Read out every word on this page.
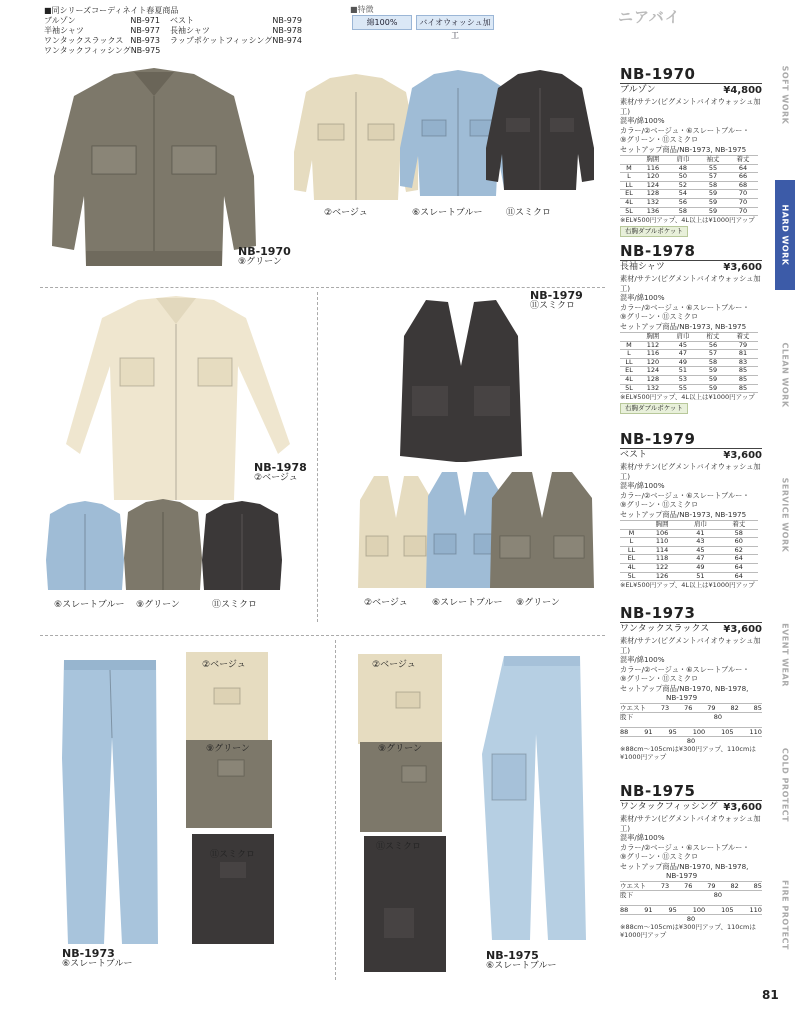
■同シリーズコーディネイト春夏商品
ブルゾン	NB-971
半袖シャツ	NB-977
ワンタックスラックス NB-973
ワンタックフィッシング NB-975
ベスト	NB-979
長袖シャツ	NB-978
ラップポケットフィッシング NB-974
■特徴
綿100%	バイオウォッシュ加工
ニアバイ
SOFT WORK
HARD WORK
CLEAN WORK
SERVICE WORK
EVENT WEAR
COLD PROTECT
FIRE PROTECT
81
NB-1970
⑨グリーン
②ベージュ	⑥スレートブルー	⑪スミクロ
NB-1978
②ベージュ
⑥スレートブルー ⑨グリーン	⑪スミクロ
NB-1979
⑪スミクロ
②ベージュ	⑥スレートブルー ⑨グリーン
②ベージュ
⑨グリーン
⑪スミクロ
②ベージュ
⑨グリーン
⑪スミクロ
NB-1973
⑥スレートブルー
NB-1975
⑥スレートブルー
NB-1970
ブルゾン	¥4,800
素材/サテン(ピグメントバイオウォッシュ加工)
混率/綿100%
カラー/②ベージュ・⑥スレートブルー・
⑨グリーン・⑪スミクロ
セットアップ商品/NB-1973, NB-1975
	胸囲	肩巾	袖丈	着丈
M	116	48	55	64
L	120	50	57	66
LL	124	52	58	68
EL	128	54	59	70
4L	132	56	59	70
5L	136	58	59	70
※EL¥500円アップ、4L以上は¥1000円アップ
右胸ダブルポケット
NB-1978
長袖シャツ	¥3,600
素材/サテン(ピグメントバイオウォッシュ加工)
混率/綿100%
カラー/②ベージュ・⑥スレートブルー・
⑨グリーン・⑪スミクロ
セットアップ商品/NB-1973, NB-1975
	胸囲	肩巾	桁丈	着丈
M	112	45	56	79
L	116	47	57	81
LL	120	49	58	83
EL	124	51	59	85
4L	128	53	59	85
5L	132	55	59	85
※EL¥500円アップ、4L以上は¥1000円アップ
右胸ダブルポケット
NB-1979
ベスト	¥3,600
素材/サテン(ピグメントバイオウォッシュ加工)
混率/綿100%
カラー/②ベージュ・⑥スレートブルー・
⑨グリーン・⑪スミクロ
セットアップ商品/NB-1973, NB-1975
	胸囲	肩巾	着丈
M	106	41	58
L	110	43	60
LL	114	45	62
EL	118	47	64
4L	122	49	64
5L	126	51	64
※EL¥500円アップ、4L以上は¥1000円アップ
NB-1973
ワンタックスラックス ¥3,600
素材/サテン(ピグメントバイオウォッシュ加工)
混率/綿100%
カラー/②ベージュ・⑥スレートブルー・
⑨グリーン・⑪スミクロ
セットアップ商品/NB-1970, NB-1978,
NB-1979
ウエスト 73 76 79 82 85
股下	80
88 91 95 100 105 110
80
※88cm〜105cmは¥300円アップ、110cmは¥1000円アップ
NB-1975
ワンタックフィッシング ¥3,600
素材/サテン(ピグメントバイオウォッシュ加工)
混率/綿100%
カラー/②ベージュ・⑥スレートブルー・
⑨グリーン・⑪スミクロ
セットアップ商品/NB-1970, NB-1978,
NB-1979
ウエスト 73 76 79 82 85
股下	80
88 91 95 100 105 110
80
※88cm〜105cmは¥300円アップ、110cmは¥1000円アップ
